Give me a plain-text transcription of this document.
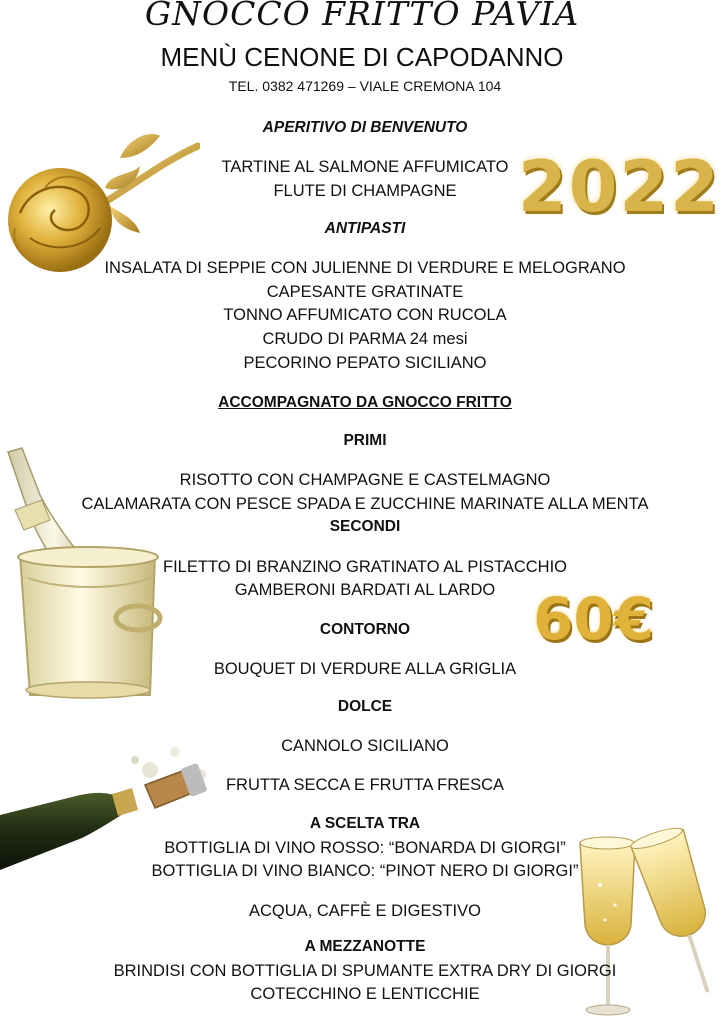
2022
60€
GNOCCO FRITTO PAVIA
MENÙ CENONE DI CAPODANNO
TEL. 0382 471269 – VIALE CREMONA 104
APERITIVO DI BENVENUTO
TARTINE AL SALMONE AFFUMICATO
FLUTE DI CHAMPAGNE
ANTIPASTI
INSALATA DI SEPPIE CON JULIENNE DI VERDURE E MELOGRANO
CAPESANTE GRATINATE
TONNO AFFUMICATO CON RUCOLA
CRUDO DI PARMA 24 mesi
PECORINO PEPATO SICILIANO
ACCOMPAGNATO DA GNOCCO FRITTO
PRIMI
RISOTTO CON CHAMPAGNE E CASTELMAGNO
CALAMARATA CON PESCE SPADA E ZUCCHINE MARINATE ALLA MENTA
SECONDI
FILETTO DI BRANZINO GRATINATO AL PISTACCHIO
GAMBERONI BARDATI AL LARDO
CONTORNO
BOUQUET DI VERDURE ALLA GRIGLIA
DOLCE
CANNOLO SICILIANO
FRUTTA SECCA E FRUTTA FRESCA
A SCELTA TRA
BOTTIGLIA DI VINO ROSSO: “BONARDA DI GIORGI”
BOTTIGLIA DI VINO BIANCO: “PINOT NERO DI GIORGI”
ACQUA, CAFFÈ E DIGESTIVO
A MEZZANOTTE
BRINDISI CON BOTTIGLIA DI SPUMANTE EXTRA DRY DI GIORGI
COTECCHINO E LENTICCHIE
